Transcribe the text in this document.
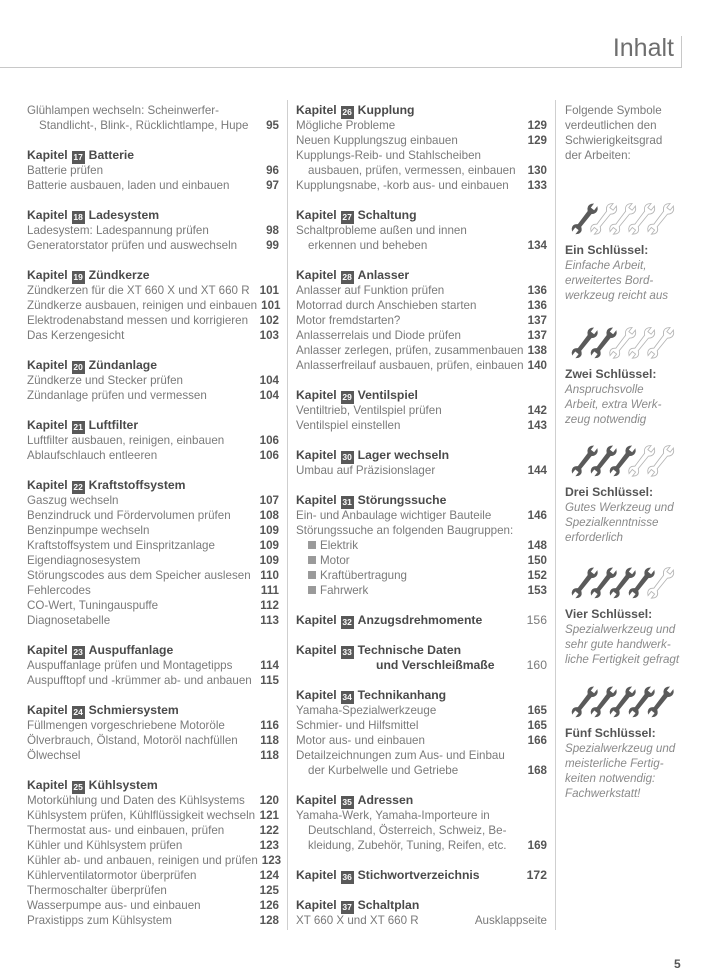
Inhalt
Glühlampen wechseln: Scheinwerfer-
Standlicht-, Blink-, Rücklichtlampe, Hupe	95
Kapitel 17 Batterie
Batterie prüfen	96
Batterie ausbauen, laden und einbauen	97
Kapitel 18 Ladesystem
Ladesystem: Ladespannung prüfen	98
Generatorstator prüfen und auswechseln	99
Kapitel 19 Zündkerze
Zündkerzen für die XT 660 X und XT 660 R 101
Zündkerze ausbauen, reinigen und einbauen 101
Elektrodenabstand messen und korrigieren 102
Das Kerzengesicht	103
Kapitel 20 Zündanlage
Zündkerze und Stecker prüfen	104
Zündanlage prüfen und vermessen	104
Kapitel 21 Luftfilter
Luftfilter ausbauen, reinigen, einbauen	106
Ablaufschlauch entleeren	106
Kapitel 22 Kraftstoffsystem
Gaszug wechseln	107
Benzindruck und Fördervolumen prüfen	108
Benzinpumpe wechseln	109
Kraftstoffsystem und Einspritzanlage	109
Eigendiagnosesystem	109
Störungscodes aus dem Speicher auslesen 110
Fehlercodes	111
CO-Wert, Tuningauspuffe	112
Diagnosetabelle	113
Kapitel 23 Auspuffanlage
Auspuffanlage prüfen und Montagetipps	114
Auspufftopf und -krümmer ab- und anbauen 115
Kapitel 24 Schmiersystem
Füllmengen vorgeschriebene Motoröle	116
Ölverbrauch, Ölstand, Motoröl nachfüllen	118
Ölwechsel	118
Kapitel 25 Kühlsystem
Motorkühlung und Daten des Kühlsystems	120
Kühlsystem prüfen, Kühlflüssigkeit wechseln 121
Thermostat aus- und einbauen, prüfen	122
Kühler und Kühlsystem prüfen	123
Kühler ab- und anbauen, reinigen und prüfen 123
Kühlerventilatormotor überprüfen	124
Thermoschalter überprüfen	125
Wasserpumpe aus- und einbauen	126
Praxistipps zum Kühlsystem	128
Kapitel 26 Kupplung
Mögliche Probleme	129
Neuen Kupplungszug einbauen	129
Kupplungs-Reib- und Stahlscheiben
ausbauen, prüfen, vermessen, einbauen	130
Kupplungsnabe, -korb aus- und einbauen	133
Kapitel 27 Schaltung
Schaltprobleme außen und innen
erkennen und beheben	134
Kapitel 28 Anlasser
Anlasser auf Funktion prüfen	136
Motorrad durch Anschieben starten	136
Motor fremdstarten?	137
Anlasserrelais und Diode prüfen	137
Anlasser zerlegen, prüfen, zusammenbauen 138
Anlasserfreilauf ausbauen, prüfen, einbauen 140
Kapitel 29 Ventilspiel
Ventiltrieb, Ventilspiel prüfen	142
Ventilspiel einstellen	143
Kapitel 30 Lager wechseln
Umbau auf Präzisionslager	144
Kapitel 31 Störungssuche
Ein- und Anbaulage wichtiger Bauteile	146
Störungssuche an folgenden Baugruppen:
Elektrik	148
Motor	150
Kraftübertragung	152
Fahrwerk	153
Kapitel 32 Anzugsdrehmomente	156
Kapitel 33 Technische Daten
und Verschleißmaße	160
Kapitel 34 Technikanhang
Yamaha-Spezialwerkzeuge	165
Schmier- und Hilfsmittel	165
Motor aus- und einbauen	166
Detailzeichnungen zum Aus- und Einbau
der Kurbelwelle und Getriebe	168
Kapitel 35 Adressen
Yamaha-Werk, Yamaha-Importeure in
Deutschland, Österreich, Schweiz, Be-
kleidung, Zubehör, Tuning, Reifen, etc.	169
Kapitel 36 Stichwortverzeichnis	172
Kapitel 37 Schaltplan
XT 660 X und XT 660 R	Ausklappseite
Folgende Symbole
verdeutlichen den
Schwierigkeitsgrad
der Arbeiten:
Ein Schlüssel:
Einfache Arbeit,
erweitertes Bord-
werkzeug reicht aus
Zwei Schlüssel:
Anspruchsvolle
Arbeit, extra Werk-
zeug notwendig
Drei Schlüssel:
Gutes Werkzeug und
Spezialkenntnisse
erforderlich
Vier Schlüssel:
Spezialwerkzeug und
sehr gute handwerk-
liche Fertigkeit gefragt
Fünf Schlüssel:
Spezialwerkzeug und
meisterliche Fertig-
keiten notwendig:
Fachwerkstatt!
5
